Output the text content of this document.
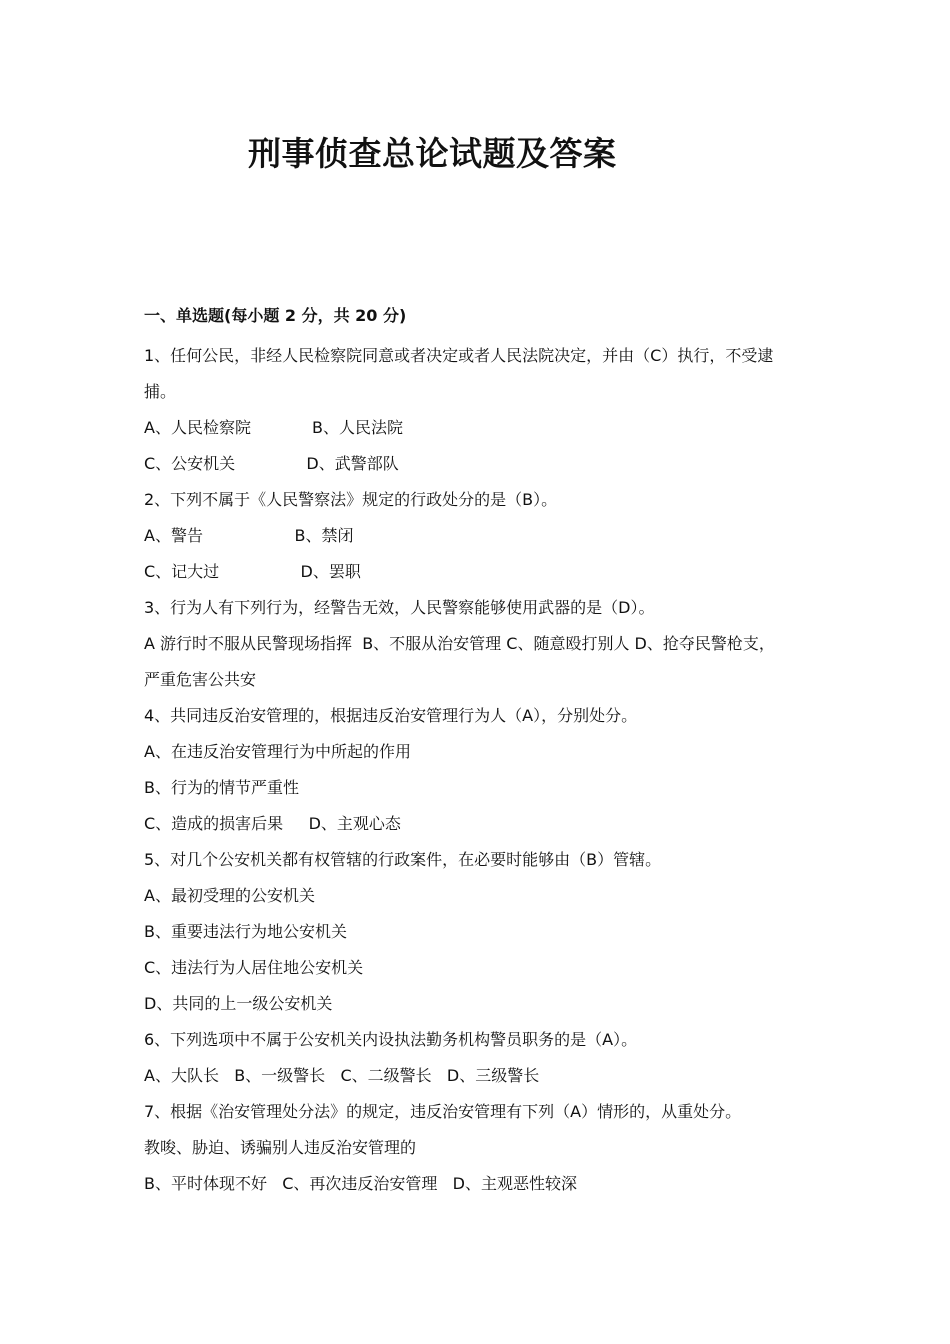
刑事侦查总论试题及答案
一、单选题(每小题 2 分，共 20 分)
1、任何公民，非经人民检察院同意或者决定或者人民法院决定，并由（C）执行，不受逮
捕。
A、人民检察院            B、人民法院
C、公安机关              D、武警部队
2、下列不属于《人民警察法》规定的行政处分的是（B）。
A、警告                  B、禁闭
C、记大过                D、罢职
3、行为人有下列行为，经警告无效，人民警察能够使用武器的是（D）。
A 游行时不服从民警现场指挥  B、不服从治安管理 C、随意殴打别人 D、抢夺民警枪支，
严重危害公共安
4、共同违反治安管理的，根据违反治安管理行为人（A），分别处分。
A、在违反治安管理行为中所起的作用
B、行为的情节严重性
C、造成的损害后果     D、主观心态
5、对几个公安机关都有权管辖的行政案件，在必要时能够由（B）管辖。
A、最初受理的公安机关
B、重要违法行为地公安机关
C、违法行为人居住地公安机关
D、共同的上一级公安机关
6、下列选项中不属于公安机关内设执法勤务机构警员职务的是（A）。
A、大队长   B、一级警长   C、二级警长   D、三级警长
7、根据《治安管理处分法》的规定，违反治安管理有下列（A）情形的，从重处分。
教唆、胁迫、诱骗别人违反治安管理的
B、平时体现不好   C、再次违反治安管理   D、主观恶性较深
